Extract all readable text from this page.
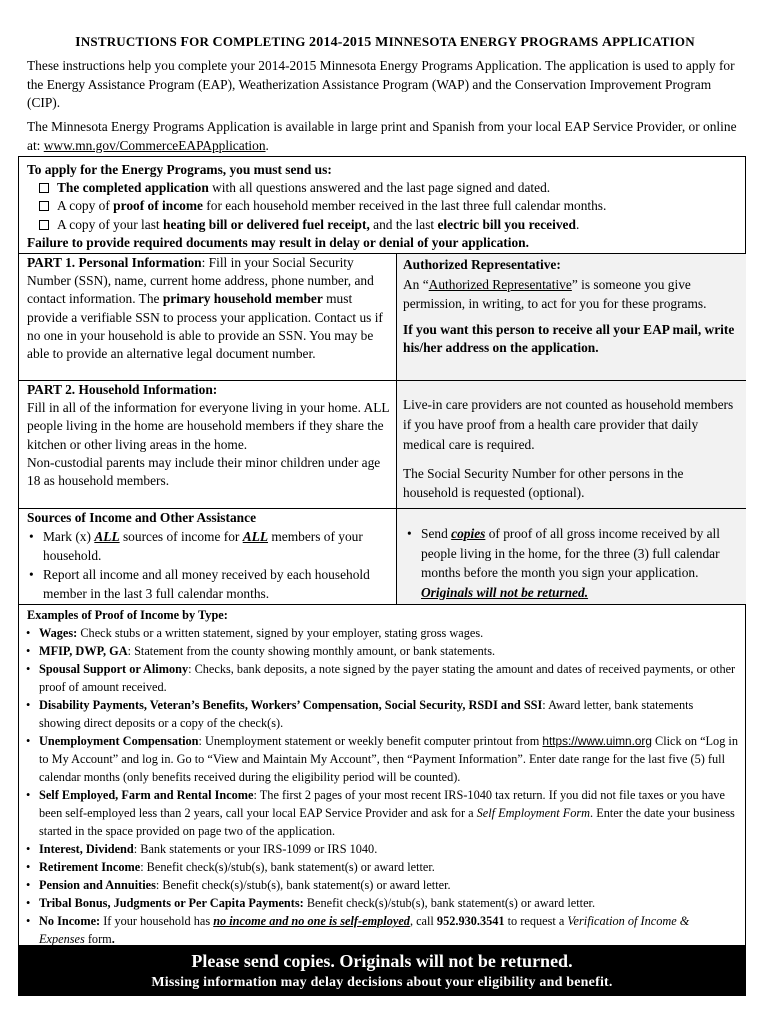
INSTRUCTIONS FOR COMPLETING 2014-2015 MINNESOTA ENERGY PROGRAMS APPLICATION

These instructions help you complete your 2014-2015 Minnesota Energy Programs Application. The application is used to apply for the Energy Assistance Program (EAP), Weatherization Assistance Program (WAP) and the Conservation Improvement Program (CIP).

The Minnesota Energy Programs Application is available in large print and Spanish from your local EAP Service Provider, or online at: www.mn.gov/CommerceEAPApplication.

To apply for the Energy Programs, you must send us:
The completed application with all questions answered and the last page signed and dated.
A copy of proof of income for each household member received in the last three full calendar months.
A copy of your last heating bill or delivered fuel receipt, and the last electric bill you received.
Failure to provide required documents may result in delay or denial of your application.
Authorized Representative:
An “Authorized Representative” is someone you give permission, in writing, to act for you for these programs.
If you want this person to receive all your EAP mail, write his/her address on the application.
PART 1. Personal Information: Fill in your Social Security Number (SSN), name, current home address, phone number, and contact information. The primary household member must provide a verifiable SSN to process your application. Contact us if no one in your household is able to provide an SSN. You may be able to provide an alternative legal document number.
Live-in care providers are not counted as household members if you have proof from a health care provider that daily medical care is required.
The Social Security Number for other persons in the household is requested (optional).
PART 2. Household Information:
Fill in all of the information for everyone living in your home. ALL people living in the home are household members if they share the kitchen or other living areas in the home.
Non-custodial parents may include their minor children under age 18 as household members.
• Send copies of proof of all gross income received by all people living in the home, for the three (3) full calendar months before the month you sign your application. Originals will not be returned.
Sources of Income and Other Assistance
• Mark (x) ALL sources of income for ALL members of your household.
• Report all income and all money received by each household member in the last 3 full calendar months.
Examples of Proof of Income by Type:
• Wages: Check stubs or a written statement, signed by your employer, stating gross wages.
• MFIP, DWP, GA: Statement from the county showing monthly amount, or bank statements.
• Spousal Support or Alimony: Checks, bank deposits, a note signed by the payer stating the amount and dates of received payments, or other proof of amount received.
• Disability Payments, Veteran’s Benefits, Workers’ Compensation, Social Security, RSDI and SSI: Award letter, bank statements showing direct deposits or a copy of the check(s).
• Unemployment Compensation: Unemployment statement or weekly benefit computer printout from https://www.uimn.org Click on “Log in to My Account” and log in. Go to “View and Maintain My Account”, then “Payment Information”. Enter date range for the last five (5) full calendar months (only benefits received during the eligibility period will be counted).
• Self Employed, Farm and Rental Income: The first 2 pages of your most recent IRS-1040 tax return. If you did not file taxes or you have been self-employed less than 2 years, call your local EAP Service Provider and ask for a Self Employment Form. Enter the date your business started in the space provided on page two of the application.
• Interest, Dividend: Bank statements or your IRS-1099 or IRS 1040.
• Retirement Income: Benefit check(s)/stub(s), bank statement(s) or award letter.
• Pension and Annuities: Benefit check(s)/stub(s), bank statement(s) or award letter.
• Tribal Bonus, Judgments or Per Capita Payments: Benefit check(s)/stub(s), bank statement(s) or award letter.
• No Income: If your household has no income and no one is self-employed, call 952.930.3541 to request a Verification of Income & Expenses form.
Please send copies. Originals will not be returned.
Missing information may delay decisions about your eligibility and benefit.
